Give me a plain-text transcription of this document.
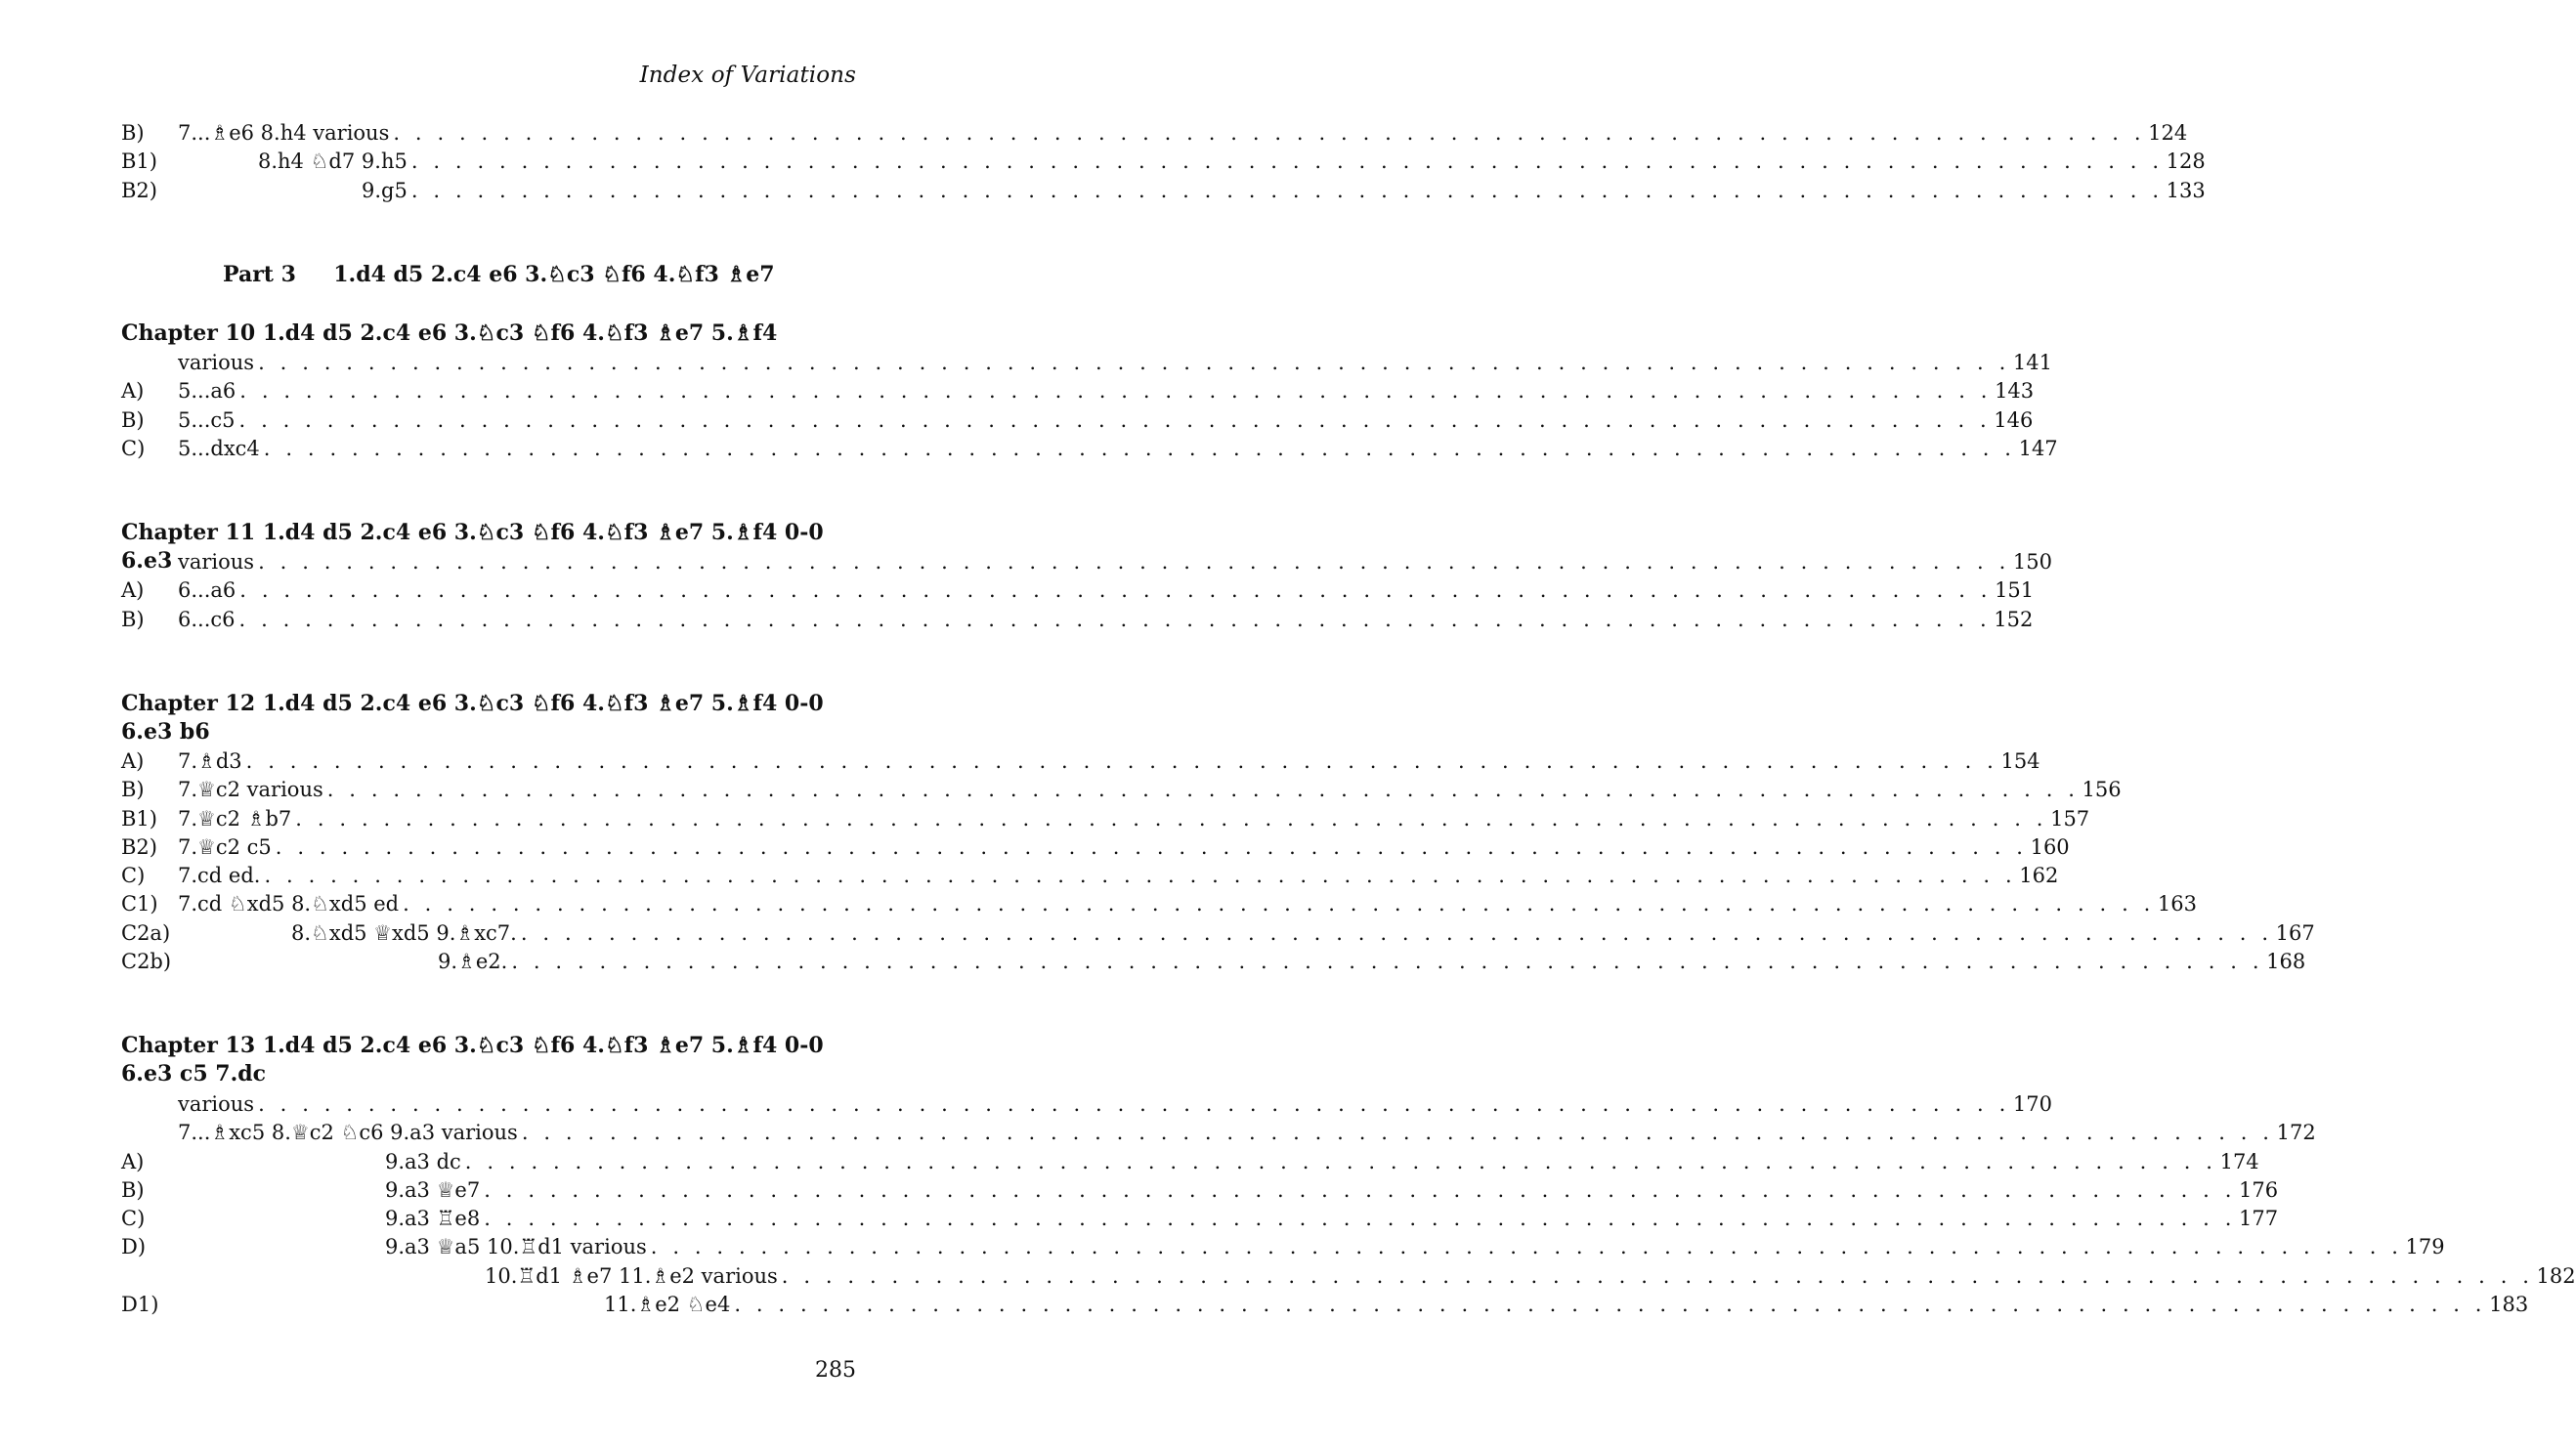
Index of Variations
B) 7...♗e6 8.h4 various . . . . . . . . . . . . . . . . . . . . . . . . . . . . . . . . . . . . . . . . . . . . . . . . . . . . . . . . . . . . . . . . . . . . . . . . . . . . . . . . 124
B1)	8.h4 ♘d7 9.h5 . . . . . . . . . . . . . . . . . . . . . . . . . . . . . . . . . . . . . . . . . . . . . . . . . . . . . . . . . . . . . . . . . . . . . . . . . . . . . . . . 128
B2)	9.g5 . . . . . . . . . . . . . . . . . . . . . . . . . . . . . . . . . . . . . . . . . . . . . . . . . . . . . . . . . . . . . . . . . . . . . . . . . . . . . . . . 133
Part 3     1.d4 d5 2.c4 e6 3.♘c3 ♘f6 4.♘f3 ♗e7
Chapter 10 1.d4 d5 2.c4 e6 3.♘c3 ♘f6 4.♘f3 ♗e7 5.♗f4
various . . . . . . . . . . . . . . . . . . . . . . . . . . . . . . . . . . . . . . . . . . . . . . . . . . . . . . . . . . . . . . . . . . . . . . . . . . . . . . . . 141
A) 5...a6 . . . . . . . . . . . . . . . . . . . . . . . . . . . . . . . . . . . . . . . . . . . . . . . . . . . . . . . . . . . . . . . . . . . . . . . . . . . . . . . . 143
B) 5...c5 . . . . . . . . . . . . . . . . . . . . . . . . . . . . . . . . . . . . . . . . . . . . . . . . . . . . . . . . . . . . . . . . . . . . . . . . . . . . . . . . 146
C) 5...dxc4 . . . . . . . . . . . . . . . . . . . . . . . . . . . . . . . . . . . . . . . . . . . . . . . . . . . . . . . . . . . . . . . . . . . . . . . . . . . . . . . . 147
Chapter 11 1.d4 d5 2.c4 e6 3.♘c3 ♘f6 4.♘f3 ♗e7 5.♗f4 0-0 6.e3 various . . . . . . . . . . . . . . . . . . . . . . . . . . . . . . . . . . . . . . . . . . . . . . . . . . . . . . . . . . . . . . . . . . . . . . . . . . . . . . . . 150
A) 6...a6 . . . . . . . . . . . . . . . . . . . . . . . . . . . . . . . . . . . . . . . . . . . . . . . . . . . . . . . . . . . . . . . . . . . . . . . . . . . . . . . . 151
B) 6...c6 . . . . . . . . . . . . . . . . . . . . . . . . . . . . . . . . . . . . . . . . . . . . . . . . . . . . . . . . . . . . . . . . . . . . . . . . . . . . . . . . 152
Chapter 12 1.d4 d5 2.c4 e6 3.♘c3 ♘f6 4.♘f3 ♗e7 5.♗f4 0-0 6.e3 b6
A) 7.♗d3 . . . . . . . . . . . . . . . . . . . . . . . . . . . . . . . . . . . . . . . . . . . . . . . . . . . . . . . . . . . . . . . . . . . . . . . . . . . . . . . . 154
B) 7.♕c2 various . . . . . . . . . . . . . . . . . . . . . . . . . . . . . . . . . . . . . . . . . . . . . . . . . . . . . . . . . . . . . . . . . . . . . . . . . . . . . . . . 156
B1) 7.♕c2 ♗b7 . . . . . . . . . . . . . . . . . . . . . . . . . . . . . . . . . . . . . . . . . . . . . . . . . . . . . . . . . . . . . . . . . . . . . . . . . . . . . . . . 157
B2) 7.♕c2 c5 . . . . . . . . . . . . . . . . . . . . . . . . . . . . . . . . . . . . . . . . . . . . . . . . . . . . . . . . . . . . . . . . . . . . . . . . . . . . . . . . 160
C) 7.cd ed. . . . . . . . . . . . . . . . . . . . . . . . . . . . . . . . . . . . . . . . . . . . . . . . . . . . . . . . . . . . . . . . . . . . . . . . . . . . . . . . . 162
C1) 7.cd ♘xd5 8.♘xd5 ed . . . . . . . . . . . . . . . . . . . . . . . . . . . . . . . . . . . . . . . . . . . . . . . . . . . . . . . . . . . . . . . . . . . . . . . . . . . . . . . . 163
C2a)	8.♘xd5 ♕xd5 9.♗xc7. . . . . . . . . . . . . . . . . . . . . . . . . . . . . . . . . . . . . . . . . . . . . . . . . . . . . . . . . . . . . . . . . . . . . . . . . . . . . . . . . 167
C2b)	9.♗e2. . . . . . . . . . . . . . . . . . . . . . . . . . . . . . . . . . . . . . . . . . . . . . . . . . . . . . . . . . . . . . . . . . . . . . . . . . . . . . . . . 168
Chapter 13 1.d4 d5 2.c4 e6 3.♘c3 ♘f6 4.♘f3 ♗e7 5.♗f4 0-0 6.e3 c5 7.dc
various . . . . . . . . . . . . . . . . . . . . . . . . . . . . . . . . . . . . . . . . . . . . . . . . . . . . . . . . . . . . . . . . . . . . . . . . . . . . . . . . 170
7...♗xc5 8.♕c2 ♘c6 9.a3 various . . . . . . . . . . . . . . . . . . . . . . . . . . . . . . . . . . . . . . . . . . . . . . . . . . . . . . . . . . . . . . . . . . . . . . . . . . . . . . . . 172
A)	9.a3 dc . . . . . . . . . . . . . . . . . . . . . . . . . . . . . . . . . . . . . . . . . . . . . . . . . . . . . . . . . . . . . . . . . . . . . . . . . . . . . . . . 174
B)	9.a3 ♕e7 . . . . . . . . . . . . . . . . . . . . . . . . . . . . . . . . . . . . . . . . . . . . . . . . . . . . . . . . . . . . . . . . . . . . . . . . . . . . . . . . 176
C)	9.a3 ♖e8 . . . . . . . . . . . . . . . . . . . . . . . . . . . . . . . . . . . . . . . . . . . . . . . . . . . . . . . . . . . . . . . . . . . . . . . . . . . . . . . . 177
D)	9.a3 ♕a5 10.♖d1 various . . . . . . . . . . . . . . . . . . . . . . . . . . . . . . . . . . . . . . . . . . . . . . . . . . . . . . . . . . . . . . . . . . . . . . . . . . . . . . . . 179
10.♖d1 ♗e7 11.♗e2 various . . . . . . . . . . . . . . . . . . . . . . . . . . . . . . . . . . . . . . . . . . . . . . . . . . . . . . . . . . . . . . . . . . . . . . . . . . . . . . . . 182
D1)	11.♗e2 ♘e4 . . . . . . . . . . . . . . . . . . . . . . . . . . . . . . . . . . . . . . . . . . . . . . . . . . . . . . . . . . . . . . . . . . . . . . . . . . . . . . . . 183
285
